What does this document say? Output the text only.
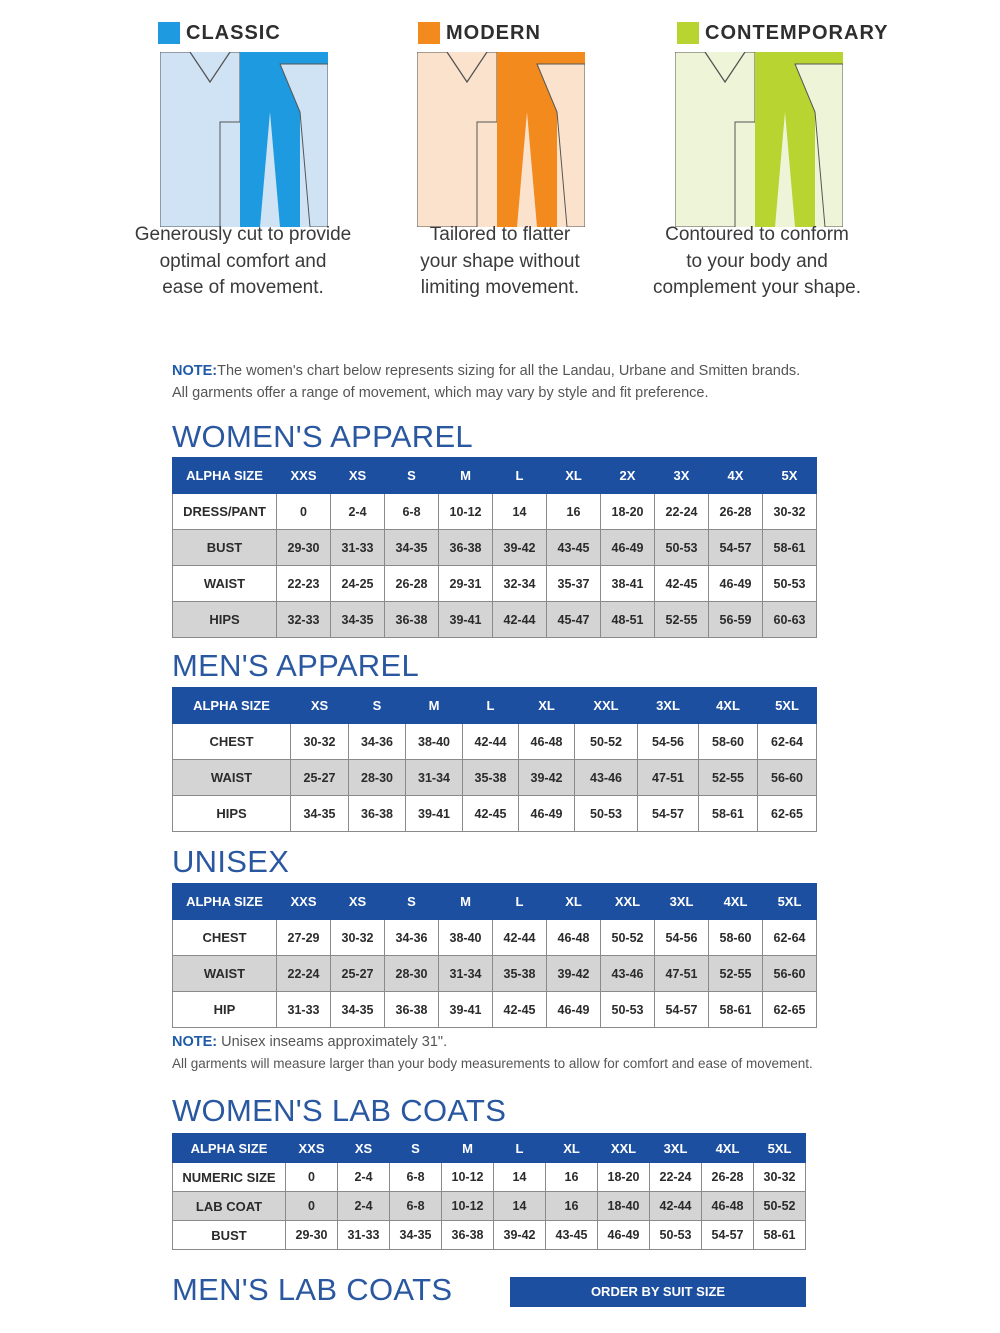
CLASSIC
Generously cut to provide
optimal comfort and
ease of movement.
MODERN
Tailored to flatter
your shape without
limiting movement.
CONTEMPORARY
Contoured to conform
to your body and
complement your shape.
NOTE:The women's chart below represents sizing for all the Landau, Urbane and Smitten brands.
All garments offer a range of movement, which may vary by style and fit preference.
WOMEN'S APPAREL
ALPHA SIZE	XXS	XS	S	M	L	XL	2X	3X	4X	5X
DRESS/PANT	0	2-4	6-8	10-12	14	16	18-20	22-24	26-28	30-32
BUST	29-30	31-33	34-35	36-38	39-42	43-45	46-49	50-53	54-57	58-61
WAIST	22-23	24-25	26-28	29-31	32-34	35-37	38-41	42-45	46-49	50-53
HIPS	32-33	34-35	36-38	39-41	42-44	45-47	48-51	52-55	56-59	60-63
MEN'S APPAREL
ALPHA SIZE	XS	S	M	L	XL	XXL	3XL	4XL	5XL
CHEST	30-32	34-36	38-40	42-44	46-48	50-52	54-56	58-60	62-64
WAIST	25-27	28-30	31-34	35-38	39-42	43-46	47-51	52-55	56-60
HIPS	34-35	36-38	39-41	42-45	46-49	50-53	54-57	58-61	62-65
UNISEX
ALPHA SIZE	XXS	XS	S	M	L	XL	XXL	3XL	4XL	5XL
CHEST	27-29	30-32	34-36	38-40	42-44	46-48	50-52	54-56	58-60	62-64
WAIST	22-24	25-27	28-30	31-34	35-38	39-42	43-46	47-51	52-55	56-60
HIP	31-33	34-35	36-38	39-41	42-45	46-49	50-53	54-57	58-61	62-65
NOTE: Unisex inseams approximately 31".
All garments will measure larger than your body measurements to allow for comfort and ease of movement.
WOMEN'S LAB COATS
ALPHA SIZE	XXS	XS	S	M	L	XL	XXL	3XL	4XL	5XL
NUMERIC SIZE	0	2-4	6-8	10-12	14	16	18-20	22-24	26-28	30-32
LAB COAT	0	2-4	6-8	10-12	14	16	18-40	42-44	46-48	50-52
BUST	29-30	31-33	34-35	36-38	39-42	43-45	46-49	50-53	54-57	58-61
MEN'S LAB COATS	ORDER BY SUIT SIZE
